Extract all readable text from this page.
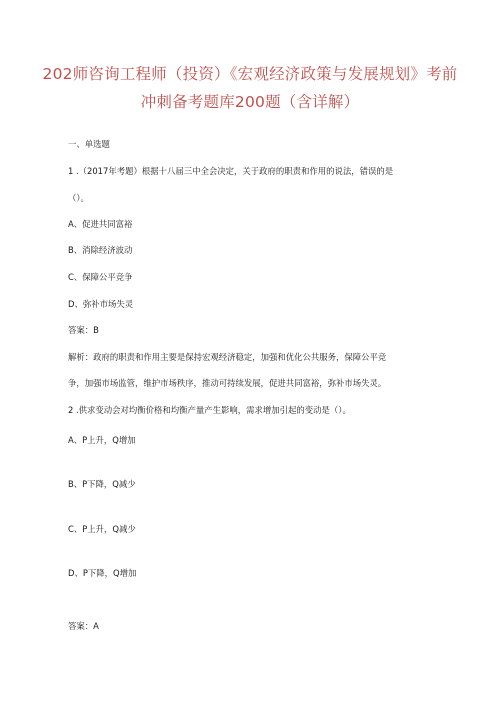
202师咨询工程师（投资）《宏观经济政策与发展规划》考前
冲刺备考题库200题（含详解）
一、单选题
1 .（2017年考题）根据十八届三中全会决定，关于政府的职责和作用的说法，错误的是
（）。
A、促进共同富裕
B、消除经济波动
C、保障公平竞争
D、弥补市场失灵
答案：B
解析：政府的职责和作用主要是保持宏观经济稳定，加强和优化公共服务，保障公平竞
争，加强市场监管，维护市场秩序，推动可持续发展，促进共同富裕，弥补市场失灵。
2 .供求变动会对均衡价格和均衡产量产生影响，需求增加引起的变动是（）。
A、P上升，Q增加
B、P下降，Q减少
C、P上升，Q减少
D、P下降，Q增加
答案：A
